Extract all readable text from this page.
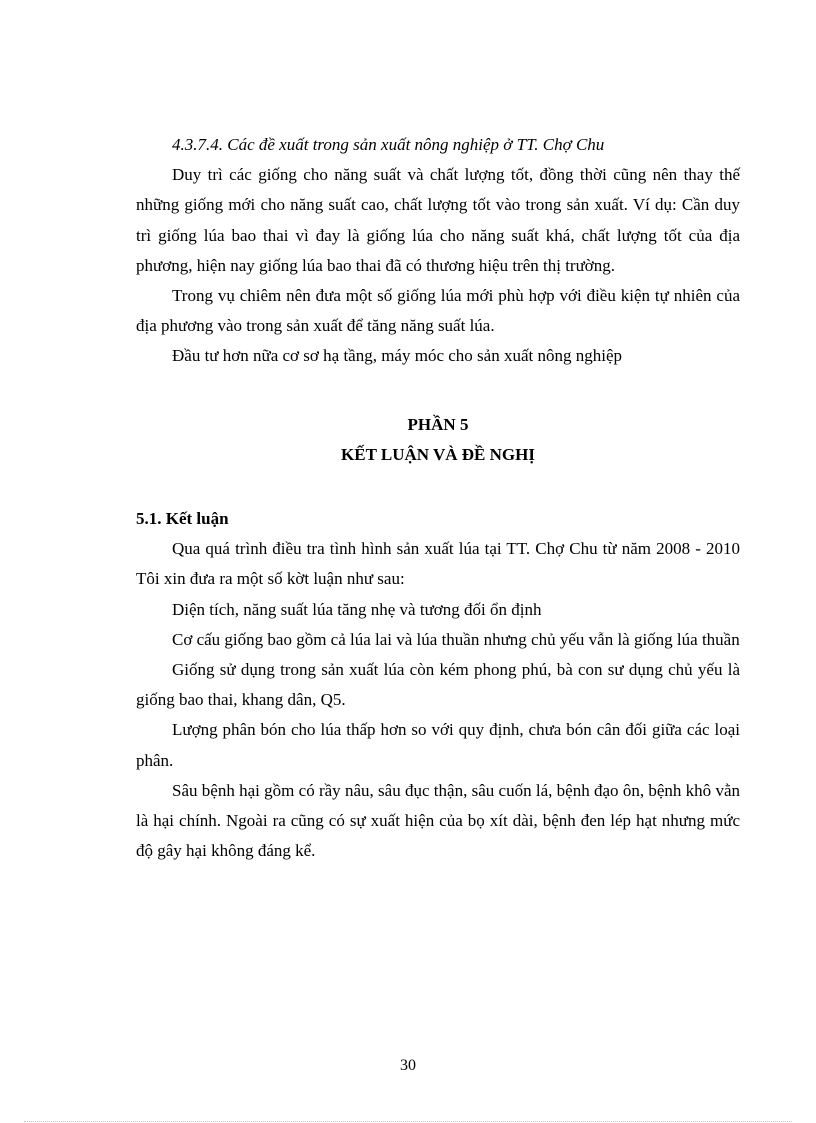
4.3.7.4. Các đề xuất trong sản xuất nông nghiệp ở TT. Chợ Chu

Duy trì các giống cho năng suất và chất lượng tốt, đồng thời cũng nên thay thế những giống mới cho năng suất cao, chất lượng tốt vào trong sản xuất. Ví dụ: Cần duy trì giống lúa bao thai vì đay là giống lúa cho năng suất khá, chất lượng tốt của địa phương, hiện nay giống lúa bao thai đã có thương hiệu trên thị trường.

Trong vụ chiêm nên đưa một số giống lúa mới phù hợp với điều kiện tự nhiên của địa phương vào trong sản xuất để tăng năng suất lúa.

Đầu tư hơn nữa cơ sơ hạ tầng, máy móc cho sản xuất nông nghiệp

PHẦN 5

KẾT LUẬN VÀ ĐỀ NGHỊ

5.1. Kết luận

Qua quá trình điều tra tình hình sản xuất lúa tại TT. Chợ Chu từ năm 2008 - 2010 Tôi xin đưa ra một số kờt luận như sau:

Diện tích, năng suất lúa tăng nhẹ và tương đối ổn định

Cơ cấu giống bao gồm cả lúa lai và lúa thuần nhưng chủ yếu vẫn là giống lúa thuần

Giống sử dụng trong sản xuất lúa còn kém phong phú, bà con sư dụng chủ yếu là giống bao thai, khang dân, Q5.

Lượng phân bón cho lúa thấp hơn so với quy định, chưa bón cân đối giữa các loại phân.

Sâu bệnh hại gồm có rầy nâu, sâu đục thận, sâu cuốn lá, bệnh đạo ôn, bệnh khô vằn là hại chính. Ngoài ra cũng có sự xuất hiện của bọ xít dài, bệnh đen lép hạt nhưng mức độ gây hại không đáng kể.

30
